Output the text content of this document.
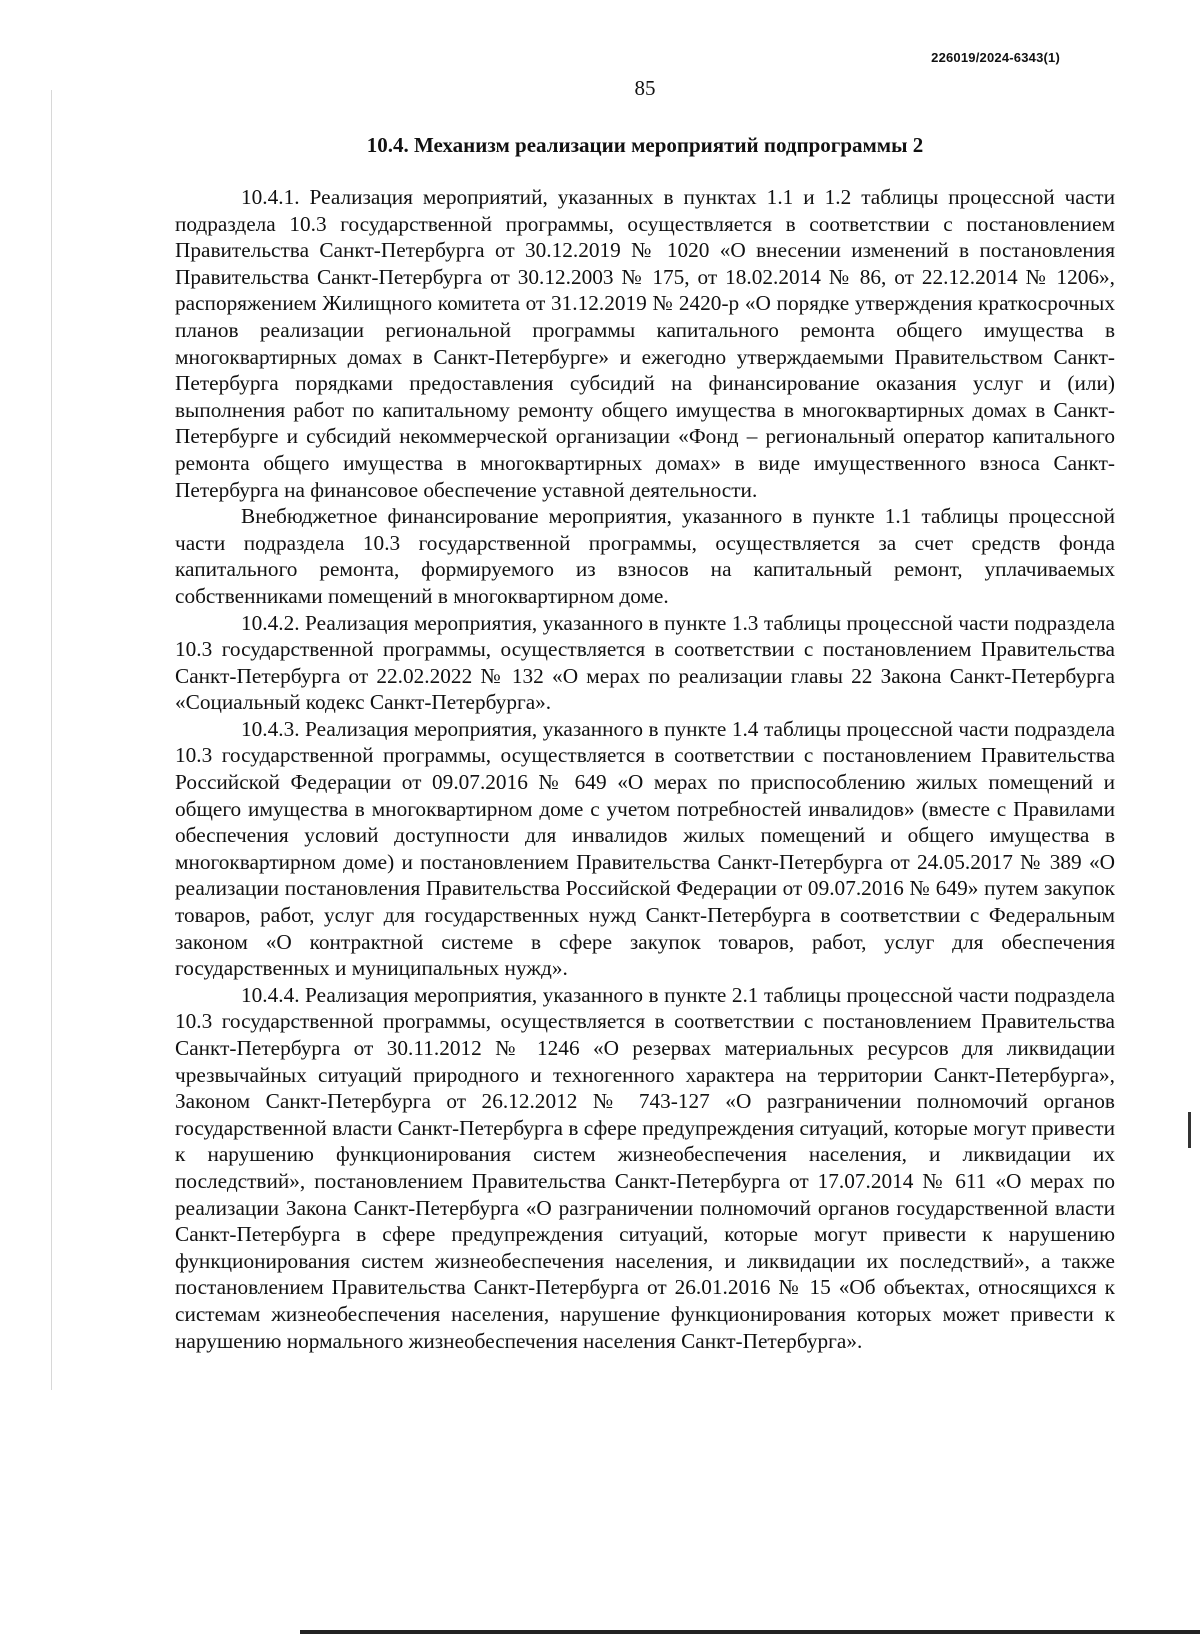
226019/2024-6343(1)
85
10.4. Механизм реализации мероприятий подпрограммы 2

10.4.1. Реализация мероприятий, указанных в пунктах 1.1 и 1.2 таблицы процессной части подраздела 10.3 государственной программы, осуществляется в соответствии с постановлением Правительства Санкт-Петербурга от 30.12.2019 № 1020 «О внесении изменений в постановления Правительства Санкт-Петербурга от 30.12.2003 № 175, от 18.02.2014 № 86, от 22.12.2014 № 1206», распоряжением Жилищного комитета от 31.12.2019 № 2420-р «О порядке утверждения краткосрочных планов реализации региональной программы капитального ремонта общего имущества в многоквартирных домах в Санкт-Петербурге» и ежегодно утверждаемыми Правительством Санкт-Петербурга порядками предоставления субсидий на финансирование оказания услуг и (или) выполнения работ по капитальному ремонту общего имущества в многоквартирных домах в Санкт-Петербурге и субсидий некоммерческой организации «Фонд – региональный оператор капитального ремонта общего имущества в многоквартирных домах» в виде имущественного взноса Санкт-Петербурга на финансовое обеспечение уставной деятельности.

Внебюджетное финансирование мероприятия, указанного в пункте 1.1 таблицы процессной части подраздела 10.3 государственной программы, осуществляется за счет средств фонда капитального ремонта, формируемого из взносов на капитальный ремонт, уплачиваемых собственниками помещений в многоквартирном доме.

10.4.2. Реализация мероприятия, указанного в пункте 1.3 таблицы процессной части подраздела 10.3 государственной программы, осуществляется в соответствии с постановлением Правительства Санкт-Петербурга от 22.02.2022 № 132 «О мерах по реализации главы 22 Закона Санкт-Петербурга «Социальный кодекс Санкт-Петербурга».

10.4.3. Реализация мероприятия, указанного в пункте 1.4 таблицы процессной части подраздела 10.3 государственной программы, осуществляется в соответствии с постановлением Правительства Российской Федерации от 09.07.2016 № 649 «О мерах по приспособлению жилых помещений и общего имущества в многоквартирном доме с учетом потребностей инвалидов» (вместе с Правилами обеспечения условий доступности для инвалидов жилых помещений и общего имущества в многоквартирном доме) и постановлением Правительства Санкт-Петербурга от 24.05.2017 № 389 «О реализации постановления Правительства Российской Федерации от 09.07.2016 № 649» путем закупок товаров, работ, услуг для государственных нужд Санкт-Петербурга в соответствии с Федеральным законом «О контрактной системе в сфере закупок товаров, работ, услуг для обеспечения государственных и муниципальных нужд».

10.4.4. Реализация мероприятия, указанного в пункте 2.1 таблицы процессной части подраздела 10.3 государственной программы, осуществляется в соответствии с постановлением Правительства Санкт-Петербурга от 30.11.2012 № 1246 «О резервах материальных ресурсов для ликвидации чрезвычайных ситуаций природного и техногенного характера на территории Санкт-Петербурга», Законом Санкт-Петербурга от 26.12.2012 № 743-127 «О разграничении полномочий органов государственной власти Санкт-Петербурга в сфере предупреждения ситуаций, которые могут привести к нарушению функционирования систем жизнеобеспечения населения, и ликвидации их последствий», постановлением Правительства Санкт-Петербурга от 17.07.2014 № 611 «О мерах по реализации Закона Санкт-Петербурга «О разграничении полномочий органов государственной власти Санкт-Петербурга в сфере предупреждения ситуаций, которые могут привести к нарушению функционирования систем жизнеобеспечения населения, и ликвидации их последствий», а также постановлением Правительства Санкт-Петербурга от 26.01.2016 № 15 «Об объектах, относящихся к системам жизнеобеспечения населения, нарушение функционирования которых может привести к нарушению нормального жизнеобеспечения населения Санкт-Петербурга».
